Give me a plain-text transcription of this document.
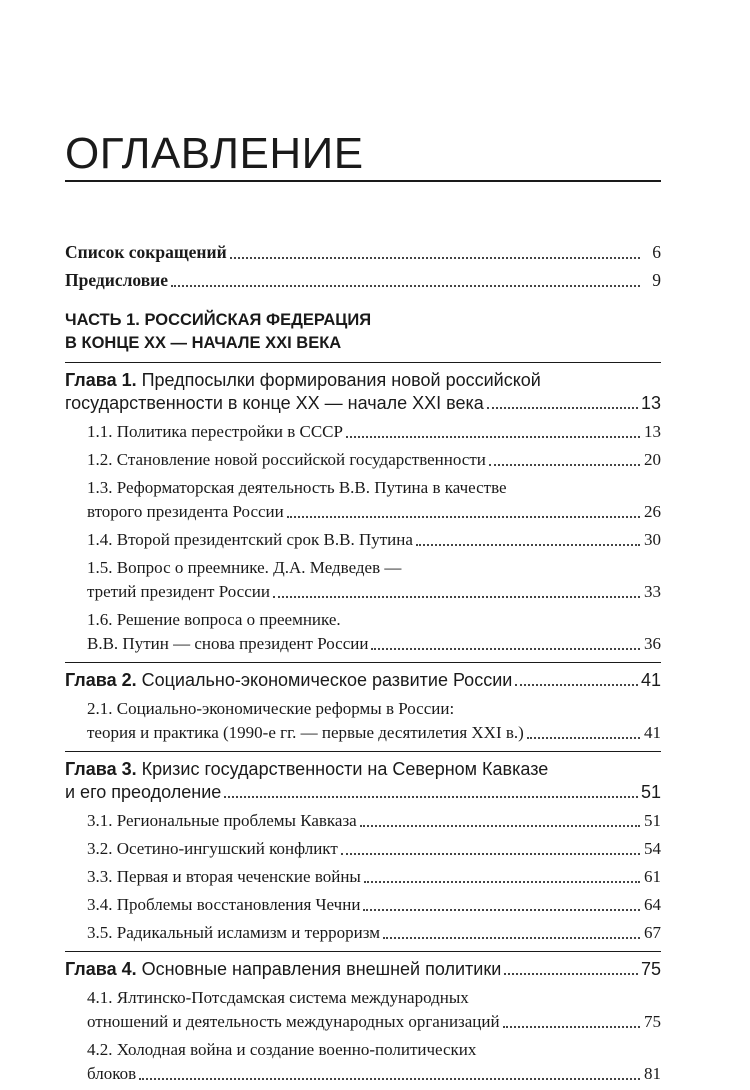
ОГЛАВЛЕНИЕ
Список сокращений	6
Предисловие	9
ЧАСТЬ 1. РОССИЙСКАЯ ФЕДЕРАЦИЯ
В КОНЦЕ XX — НАЧАЛЕ XXI ВЕКА
Глава 1. Предпосылки формирования новой российской
государственности в конце XX — начале XXI века	13
1.1. Политика перестройки в СССР	13
1.2. Становление новой российской государственности	20
1.3. Реформаторская деятельность В.В. Путина в качестве
второго президента России	26
1.4. Второй президентский срок В.В. Путина	30
1.5. Вопрос о преемнике. Д.А. Медведев —
третий президент России	33
1.6. Решение вопроса о преемнике.
В.В. Путин — снова президент России	36
Глава 2. Социально-экономическое развитие России	41
2.1. Социально-экономические реформы в России:
теория и практика (1990-е гг. — первые десятилетия XXI в.)	41
Глава 3. Кризис государственности на Северном Кавказе
и его преодоление	51
3.1. Региональные проблемы Кавказа	51
3.2. Осетино-ингушский конфликт	54
3.3. Первая и вторая чеченские войны	61
3.4. Проблемы восстановления Чечни	64
3.5. Радикальный исламизм и терроризм	67
Глава 4. Основные направления внешней политики	75
4.1. Ялтинско-Потсдамская система международных
отношений и деятельность международных организаций	75
4.2. Холодная война и создание военно-политических
блоков	81
